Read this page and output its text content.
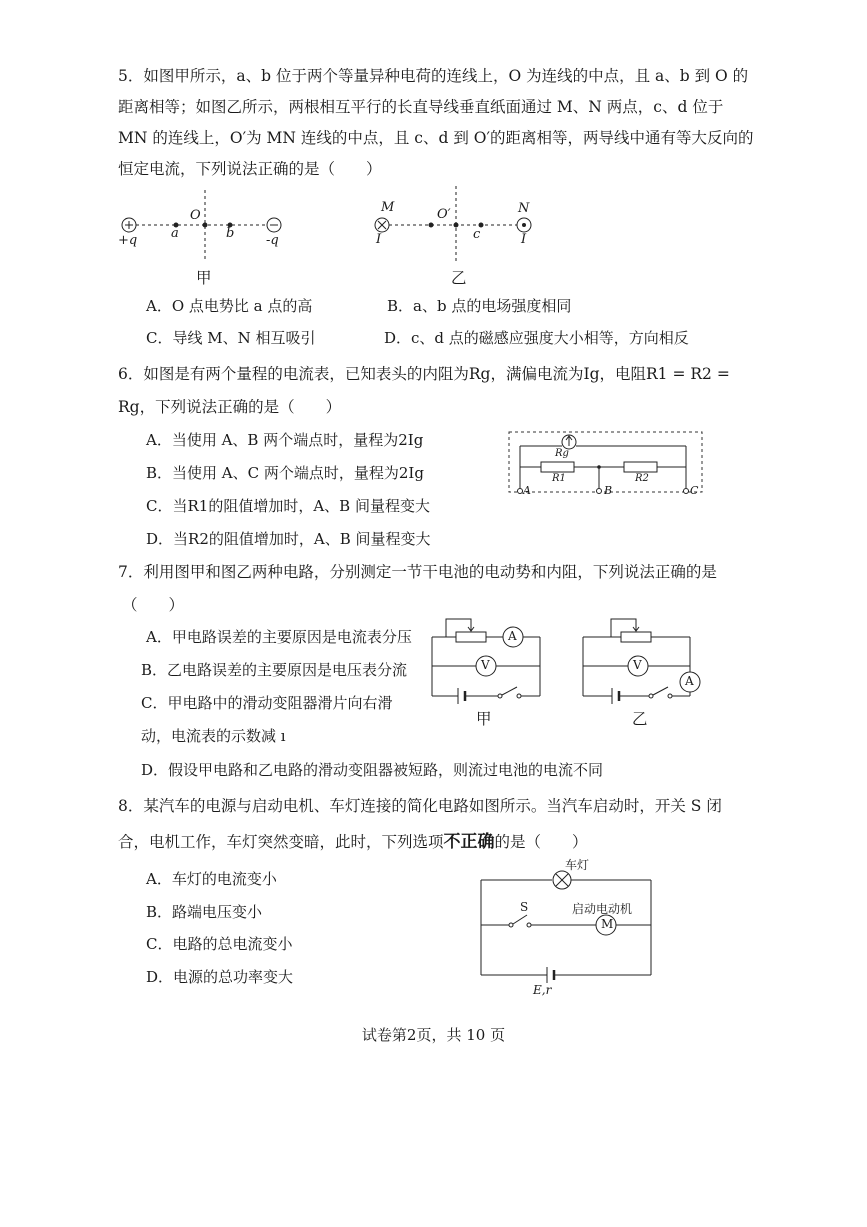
5．如图甲所示，a、b 位于两个等量异种电荷的连线上，O 为连线的中点，且 a、b 到 O 的
距离相等；如图乙所示，两根相互平行的长直导线垂直纸面通过 M、N 两点，c、d 位于
MN 的连线上，O′为 MN 连线的中点，且 c、d 到 O′的距离相等，两导线中通有等大反向的
恒定电流，下列说法正确的是（　　）
+q	a
O
b -q
甲
M	O′
c
N
I	I
乙
A．O 点电势比 a 点的高	B．a、b 点的电场强度相同
C．导线 M、N 相互吸引	D．c、d 点的磁感应强度大小相等，方向相反
6．如图是有两个量程的电流表，已知表头的内阻为Rg，满偏电流为Ig，电阻R1 = R2 =
Rg，下列说法正确的是（　　）
A．当使用 A、B 两个端点时，量程为2Ig
B．当使用 A、C 两个端点时，量程为2Ig
C．当R1的阻值增加时，A、B 间量程变大
D．当R2的阻值增加时，A、B 间量程变大
Rg
R1	R2
A	B	C
7．利用图甲和图乙两种电路，分别测定一节干电池的电动势和内阻，下列说法正确的是
（　　）
A．甲电路误差的主要原因是电流表分压
B．乙电路误差的主要原因是电压表分流
C．甲电路中的滑动变阻器滑片向右滑
动，电流表的示数减 ı
D．假设甲电路和乙电路的滑动变阻器被短路，则流过电池的电流不同
A
V
甲
V
A
乙
8．某汽车的电源与启动电机、车灯连接的简化电路如图所示。当汽车启动时，开关 S 闭
合，电机工作，车灯突然变暗，此时，下列选项不正确的是（　　）
A．车灯的电流变小
B．路端电压变小
C．电路的总电流变小
D．电源的总功率变大
车灯
S	启动电动机
M
E,r
试卷第2页，共 10 页
